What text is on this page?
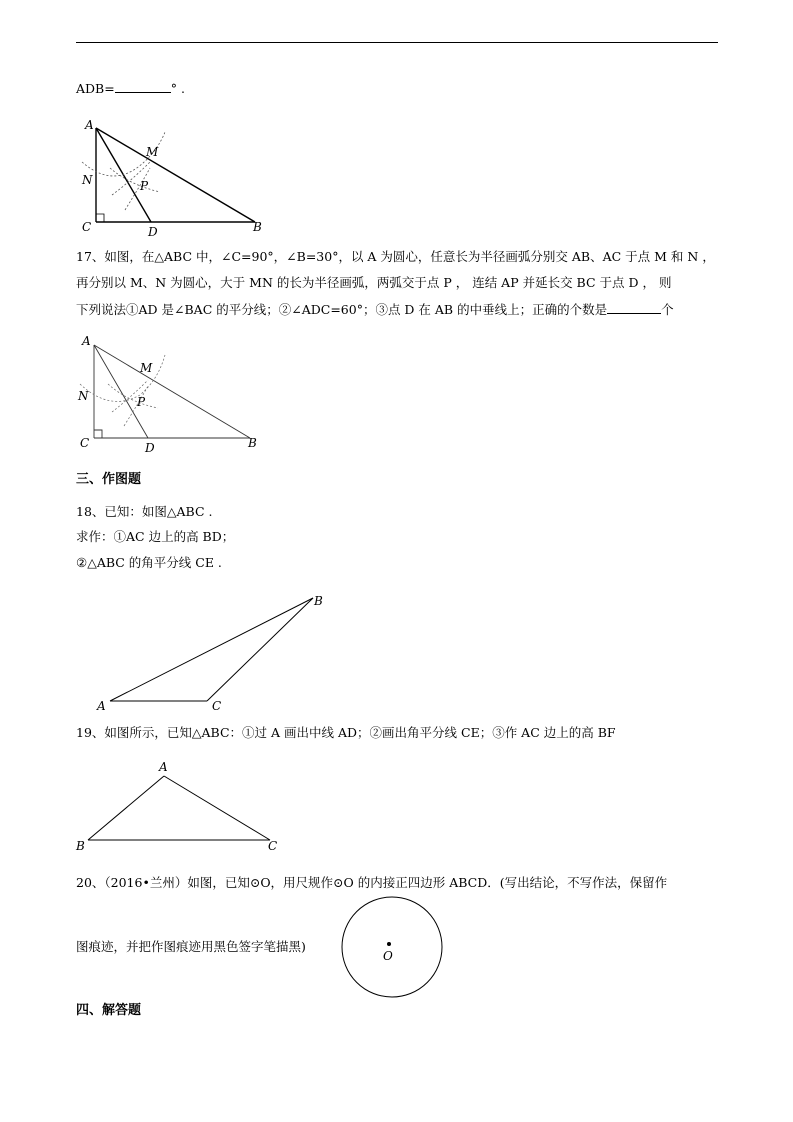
ADB=	° .
A
M
N	P
C	D	B
17、如图，在△ABC 中，∠C=90°，∠B=30°，以 A 为圆心，任意长为半径画弧分别交 AB、AC 于点 M 和 N ，
再分别以 M、N 为圆心，大于 MN 的长为半径画弧，两弧交于点 P ， 连结 AP 并延长交 BC 于点 D ， 则
下列说法①AD 是∠BAC 的平分线；②∠ADC=60°；③点 D 在 AB 的中垂线上；正确的个数是	个
A
M
N	P
C	D	B
三、作图题
18、已知：如图△ABC .
求作：①AC 边上的高 BD；
②△ABC 的角平分线 CE .
A
B
C
19、如图所示，已知△ABC：①过 A 画出中线 AD；②画出角平分线 CE；③作 AC 边上的高 BF
A
B	C
20、（2016•兰州）如图，已知⊙O，用尺规作⊙O 的内接正四边形 ABCD．(写出结论，不写作法，保留作
图痕迹，并把作图痕迹用黑色签字笔描黑)
O
四、解答题
